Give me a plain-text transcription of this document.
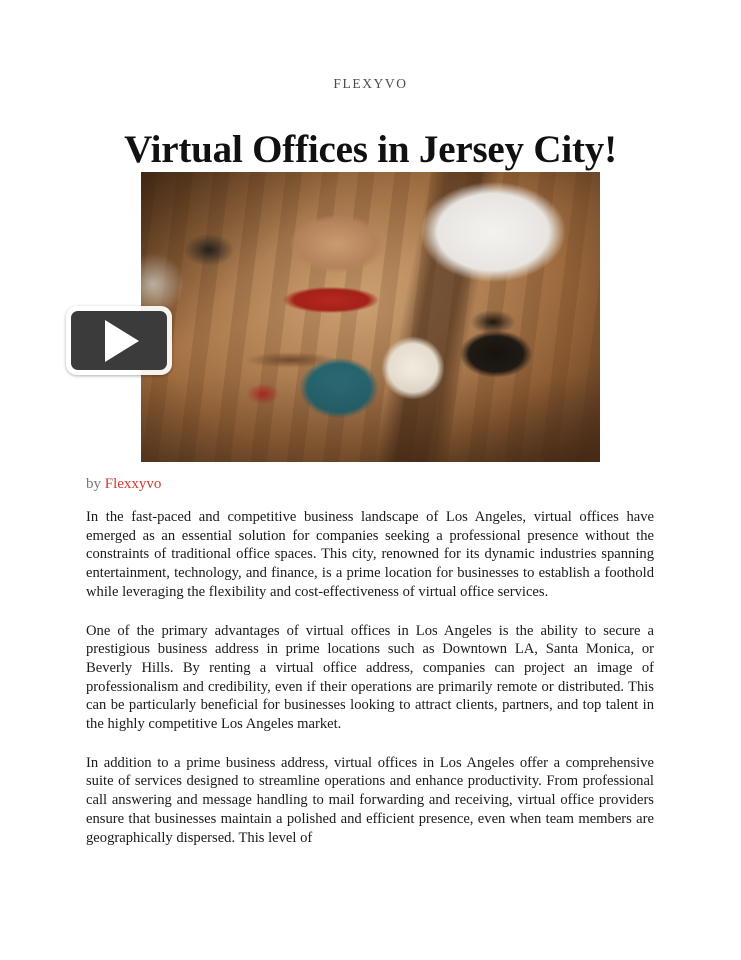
FLEXYVO
Virtual Offices in Jersey City!
by Flexxyvo

In the fast-paced and competitive business landscape of Los Angeles, virtual offices have emerged as an essential solution for companies seeking a professional presence without the constraints of traditional office spaces. This city, renowned for its dynamic industries spanning entertainment, technology, and finance, is a prime location for businesses to establish a foothold while leveraging the flexibility and cost-effectiveness of virtual office services.

One of the primary advantages of virtual offices in Los Angeles is the ability to secure a prestigious business address in prime locations such as Downtown LA, Santa Monica, or Beverly Hills. By renting a virtual office address, companies can project an image of professionalism and credibility, even if their operations are primarily remote or distributed. This can be particularly beneficial for businesses looking to attract clients, partners, and top talent in the highly competitive Los Angeles market.

In addition to a prime business address, virtual offices in Los Angeles offer a comprehensive suite of services designed to streamline operations and enhance productivity. From professional call answering and message handling to mail forwarding and receiving, virtual office providers ensure that businesses maintain a polished and efficient presence, even when team members are geographically dispersed. This level of
